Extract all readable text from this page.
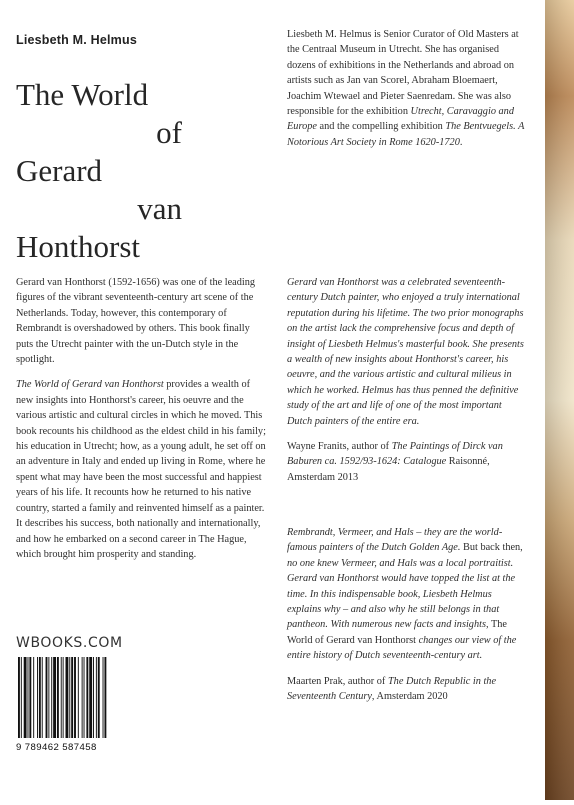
Liesbeth M. Helmus
The World
of
Gerard
van
Honthorst

Liesbeth M. Helmus is Senior Curator of Old Masters at the Centraal Museum in Utrecht. She has organised dozens of exhibitions in the Netherlands and abroad on artists such as Jan van Scorel, Abraham Bloemaert, Joachim Wtewael and Pieter Saenredam. She was also responsible for the exhibition Utrecht, Caravaggio and Europe and the compelling exhibition The Bentvuegels. A Notorious Art Society in Rome 1620-1720.

Gerard van Honthorst (1592-1656) was one of the leading figures of the vibrant seventeenth-century art scene of the Netherlands. Today, however, this contemporary of Rembrandt is overshadowed by others. This book finally puts the Utrecht painter with the un-Dutch style in the spotlight.

The World of Gerard van Honthorst provides a wealth of new insights into Honthorst's career, his oeuvre and the various artistic and cultural circles in which he moved. This book recounts his childhood as the eldest child in his family; his education in Utrecht; how, as a young adult, he set off on an adventure in Italy and ended up living in Rome, where he spent what may have been the most successful and happiest years of his life. It recounts how he returned to his native country, started a family and reinvented himself as a painter. It describes his success, both nationally and internationally, and how he embarked on a second career in The Hague, which brought him prosperity and standing.

Gerard van Honthorst was a celebrated seventeenth-century Dutch painter, who enjoyed a truly international reputation during his lifetime. The two prior monographs on the artist lack the comprehensive focus and depth of insight of Liesbeth Helmus's masterful book. She presents a wealth of new insights about Honthorst's career, his oeuvre, and the various artistic and cultural milieus in which he worked. Helmus has thus penned the definitive study of the art and life of one of the most important Dutch painters of the entire era.

Wayne Franits, author of The Paintings of Dirck van Baburen ca. 1592/93-1624: Catalogue Raisonné, Amsterdam 2013

Rembrandt, Vermeer, and Hals – they are the world-famous painters of the Dutch Golden Age. But back then, no one knew Vermeer, and Hals was a local portraitist. Gerard van Honthorst would have topped the list at the time. In this indispensable book, Liesbeth Helmus explains why – and also why he still belongs in that pantheon. With numerous new facts and insights, The World of Gerard van Honthorst changes our view of the entire history of Dutch seventeenth-century art.

Maarten Prak, author of The Dutch Republic in the Seventeenth Century, Amsterdam 2020

WBOOKS.COM
9 789462 587458
